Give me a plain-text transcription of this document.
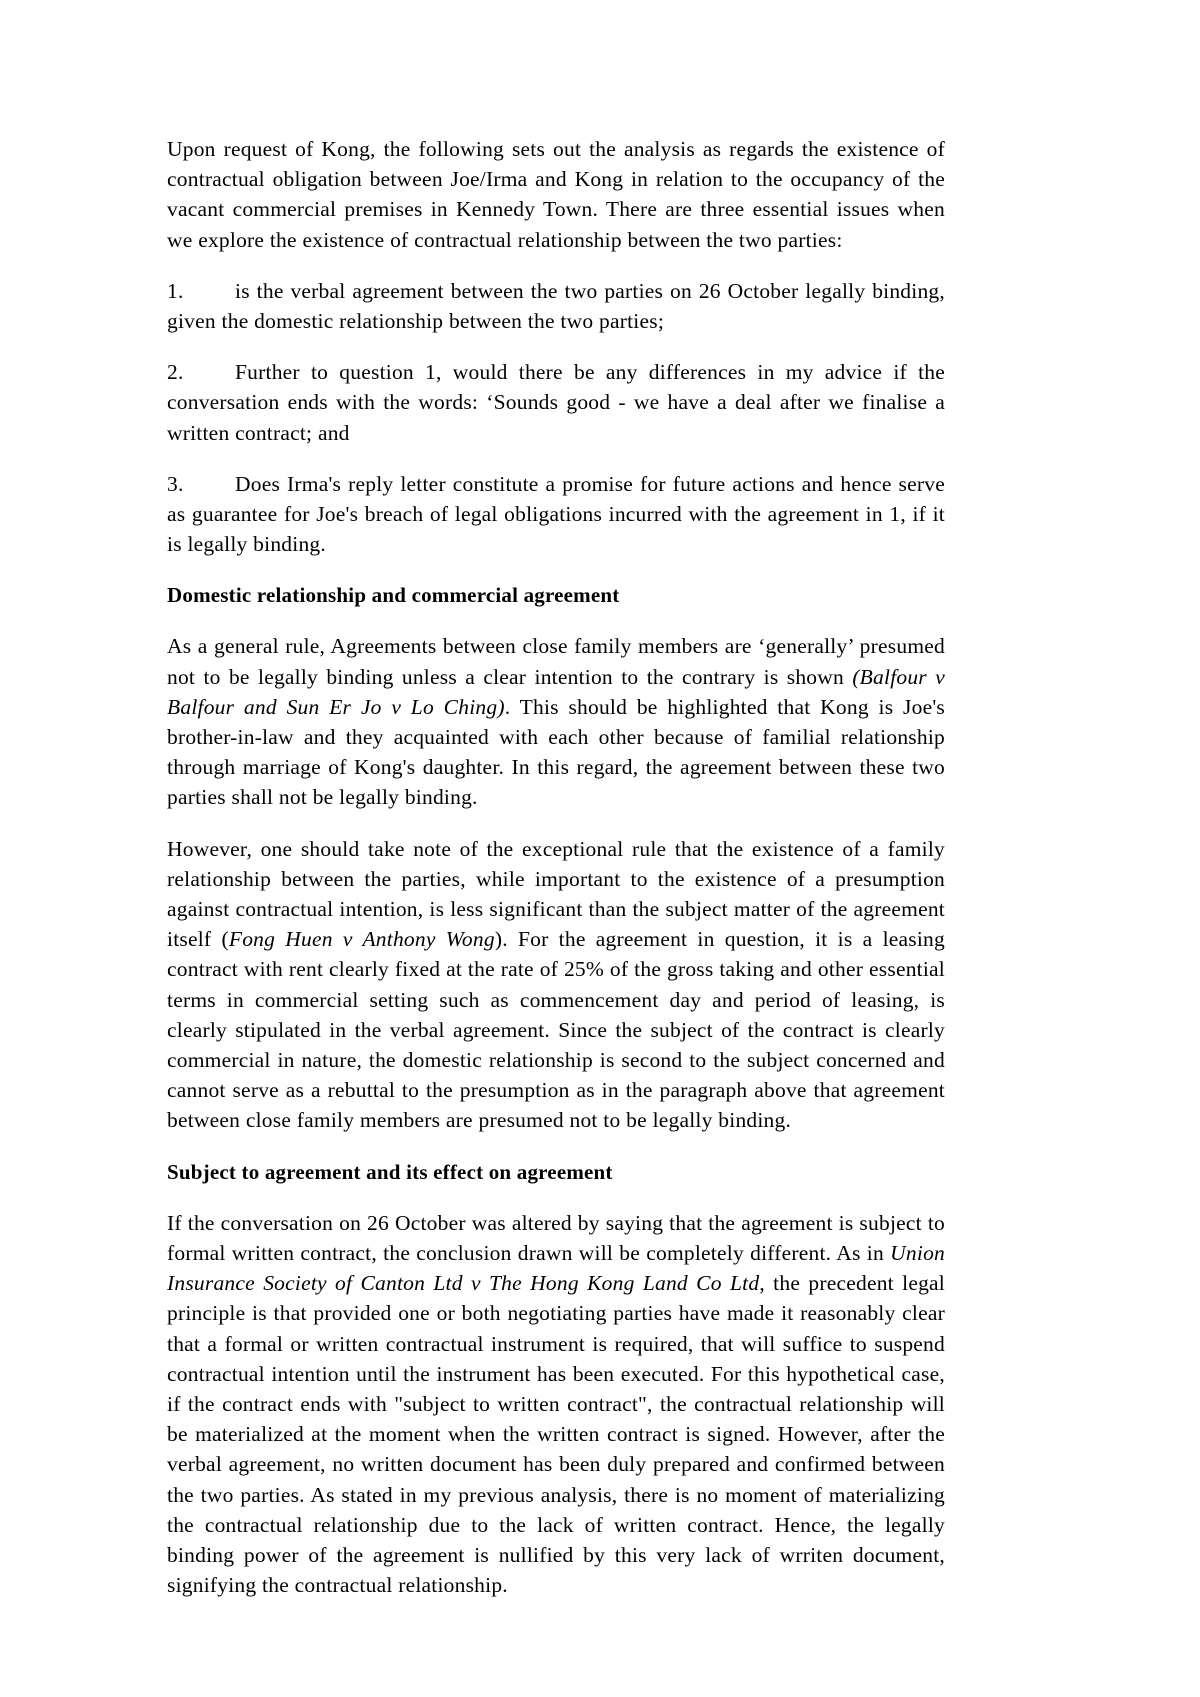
Upon request of Kong, the following sets out the analysis as regards the existence of contractual obligation between Joe/Irma and Kong in relation to the occupancy of the vacant commercial premises in Kennedy Town. There are three essential issues when we explore the existence of contractual relationship between the two parties:

1. is the verbal agreement between the two parties on 26 October legally binding, given the domestic relationship between the two parties;

2. Further to question 1, would there be any differences in my advice if the conversation ends with the words: ‘Sounds good - we have a deal after we finalise a written contract; and

3. Does Irma's reply letter constitute a promise for future actions and hence serve as guarantee for Joe's breach of legal obligations incurred with the agreement in 1, if it is legally binding.

Domestic relationship and commercial agreement

As a general rule, Agreements between close family members are ‘generally’ presumed not to be legally binding unless a clear intention to the contrary is shown (Balfour v Balfour and Sun Er Jo v Lo Ching). This should be highlighted that Kong is Joe's brother-in-law and they acquainted with each other because of familial relationship through marriage of Kong's daughter. In this regard, the agreement between these two parties shall not be legally binding.

However, one should take note of the exceptional rule that the existence of a family relationship between the parties, while important to the existence of a presumption against contractual intention, is less significant than the subject matter of the agreement itself (Fong Huen v Anthony Wong). For the agreement in question, it is a leasing contract with rent clearly fixed at the rate of 25% of the gross taking and other essential terms in commercial setting such as commencement day and period of leasing, is clearly stipulated in the verbal agreement. Since the subject of the contract is clearly commercial in nature, the domestic relationship is second to the subject concerned and cannot serve as a rebuttal to the presumption as in the paragraph above that agreement between close family members are presumed not to be legally binding.

Subject to agreement and its effect on agreement

If the conversation on 26 October was altered by saying that the agreement is subject to formal written contract, the conclusion drawn will be completely different. As in Union Insurance Society of Canton Ltd v The Hong Kong Land Co Ltd, the precedent legal principle is that provided one or both negotiating parties have made it reasonably clear that a formal or written contractual instrument is required, that will suffice to suspend contractual intention until the instrument has been executed. For this hypothetical case, if the contract ends with "subject to written contract", the contractual relationship will be materialized at the moment when the written contract is signed. However, after the verbal agreement, no written document has been duly prepared and confirmed between the two parties. As stated in my previous analysis, there is no moment of materializing the contractual relationship due to the lack of written contract. Hence, the legally binding power of the agreement is nullified by this very lack of wrriten document, signifying the contractual relationship.
